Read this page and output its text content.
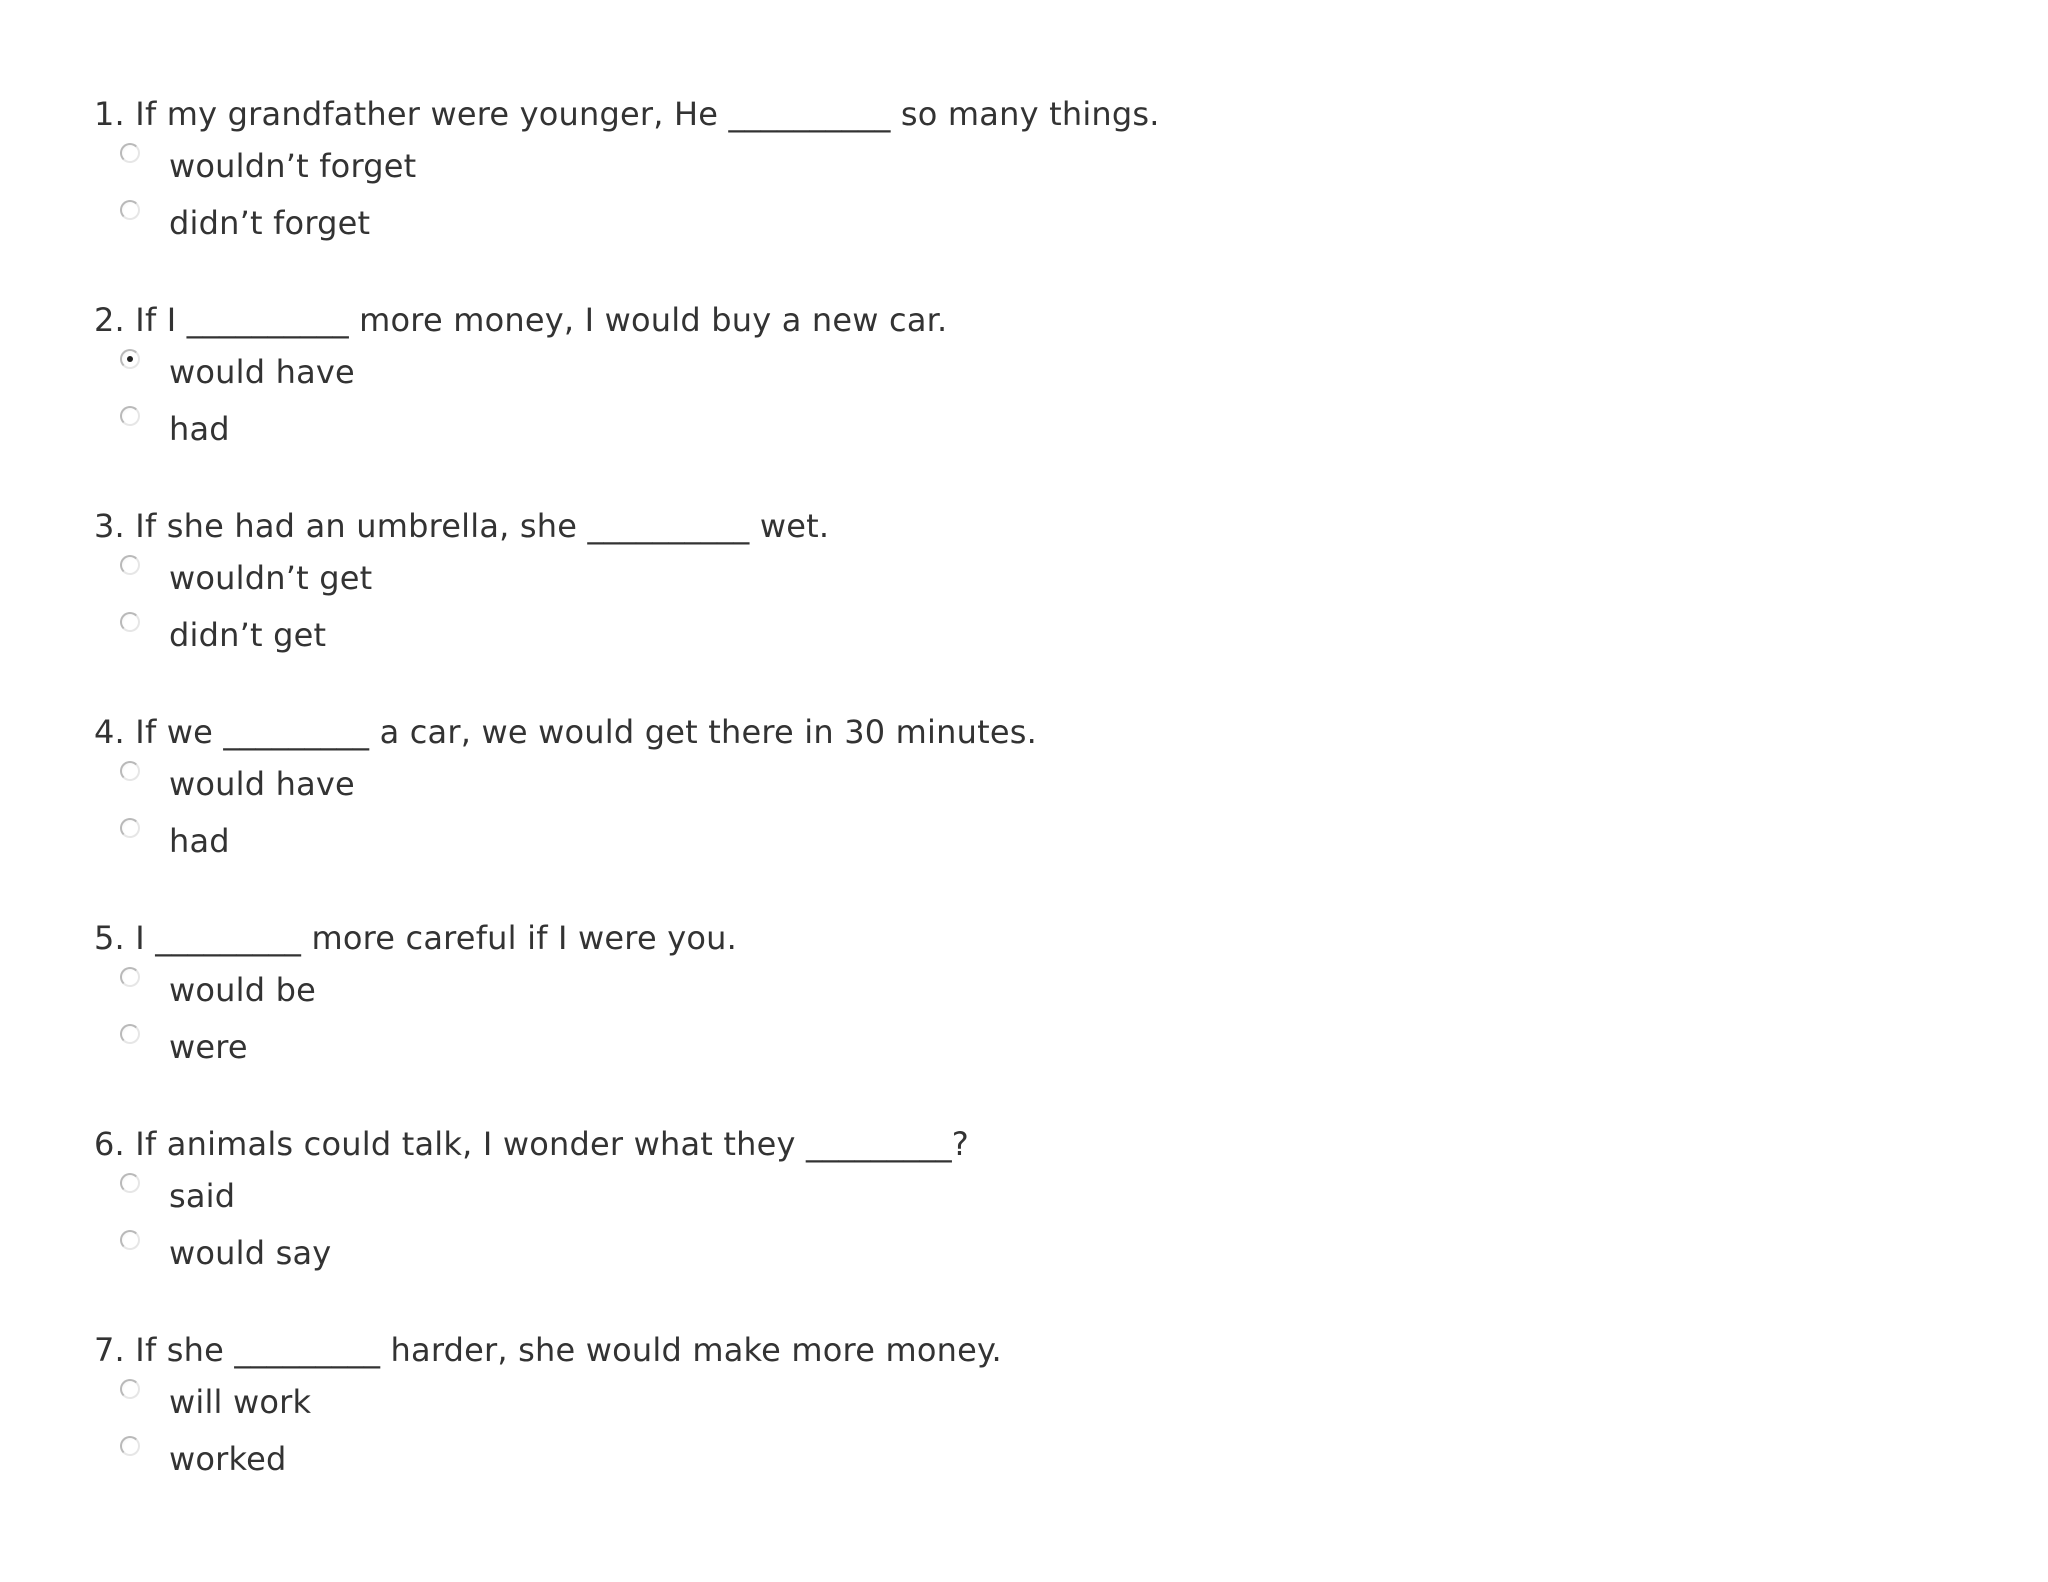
1. If my grandfather were younger, He __________ so many things.
wouldn’t forget
didn’t forget
2. If I __________ more money, I would buy a new car.
would have
had
3. If she had an umbrella, she __________ wet.
wouldn’t get
didn’t get
4. If we _________ a car, we would get there in 30 minutes.
would have
had
5. I _________ more careful if I were you.
would be
were
6. If animals could talk, I wonder what they _________?
said
would say
7. If she _________ harder, she would make more money.
will work
worked
